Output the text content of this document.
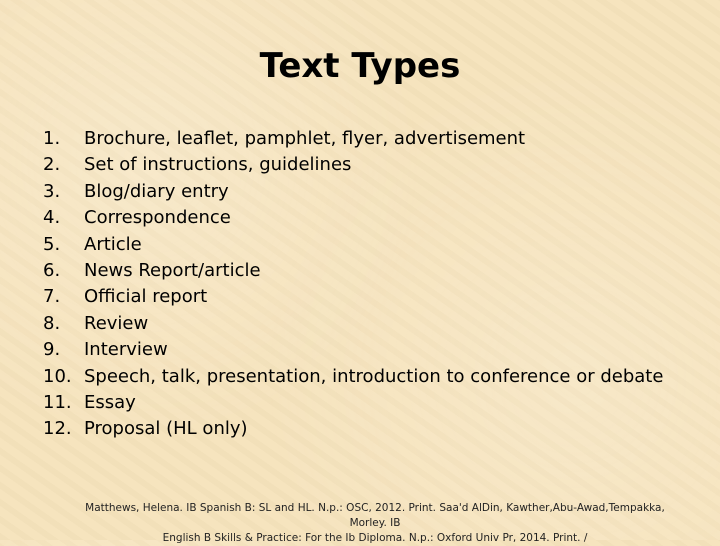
Text Types
1. Brochure, leaflet, pamphlet, flyer, advertisement
2. Set of instructions, guidelines
3. Blog/diary entry
4. Correspondence
5. Article
6. News Report/article
7. Official report
8. Review
9. Interview
10. Speech, talk, presentation, introduction to conference or debate
11. Essay
12. Proposal (HL only)
Matthews, Helena. IB Spanish B: SL and HL. N.p.: OSC, 2012. Print. Saa'd AlDin, Kawther,Abu-Awad,Tempakka, Morley. IB
English B Skills & Practice: For the Ib Diploma. N.p.: Oxford Univ Pr, 2014. Print. /
